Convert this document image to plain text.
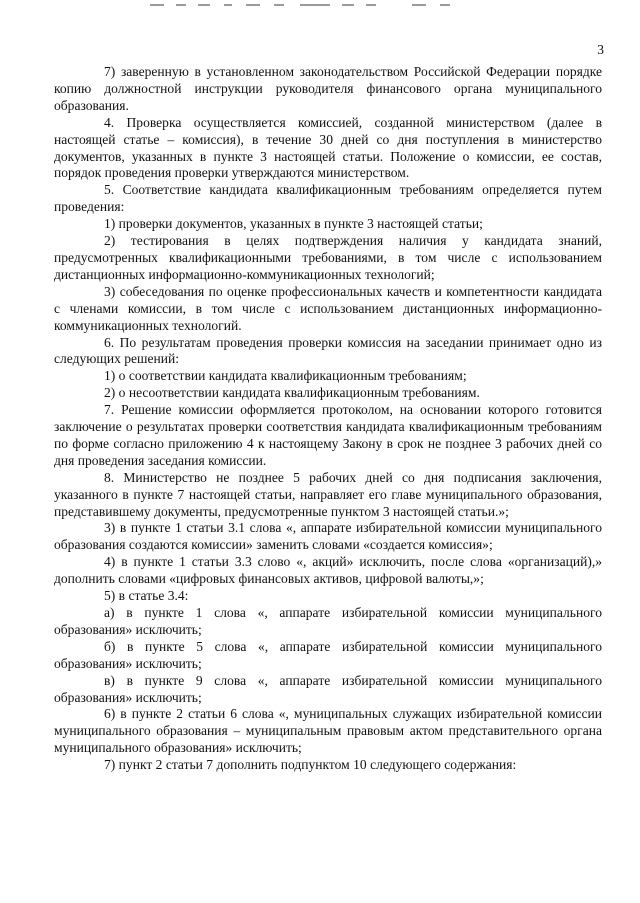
3

7) заверенную в установленном законодательством Российской Федерации порядке копию должностной инструкции руководителя финансового органа муниципального образования.

4. Проверка осуществляется комиссией, созданной министерством (далее в настоящей статье – комиссия), в течение 30 дней со дня поступления в министерство документов, указанных в пункте 3 настоящей статьи. Положение о комиссии, ее состав, порядок проведения проверки утверждаются министерством.

5. Соответствие кандидата квалификационным требованиям определяется путем проведения:

1) проверки документов, указанных в пункте 3 настоящей статьи;

2) тестирования в целях подтверждения наличия у кандидата знаний, предусмотренных квалификационными требованиями, в том числе с использованием дистанционных информационно-коммуникационных технологий;

3) собеседования по оценке профессиональных качеств и компетентности кандидата с членами комиссии, в том числе с использованием дистанционных информационно-коммуникационных технологий.

6. По результатам проведения проверки комиссия на заседании принимает одно из следующих решений:

1) о соответствии кандидата квалификационным требованиям;

2) о несоответствии кандидата квалификационным требованиям.

7. Решение комиссии оформляется протоколом, на основании которого готовится заключение о результатах проверки соответствия кандидата квалификационным требованиям по форме согласно приложению 4 к настоящему Закону в срок не позднее 3 рабочих дней со дня проведения заседания комиссии.

8. Министерство не позднее 5 рабочих дней со дня подписания заключения, указанного в пункте 7 настоящей статьи, направляет его главе муниципального образования, представившему документы, предусмотренные пунктом 3 настоящей статьи.»;

3) в пункте 1 статьи 3.1 слова «, аппарате избирательной комиссии муниципального образования создаются комиссии» заменить словами «создается комиссия»;

4) в пункте 1 статьи 3.3 слово «, акций» исключить, после слова «организаций),» дополнить словами «цифровых финансовых активов, цифровой валюты,»;

5) в статье 3.4:

а) в пункте 1 слова «, аппарате избирательной комиссии муниципального образования» исключить;

б) в пункте 5 слова «, аппарате избирательной комиссии муниципального образования» исключить;

в) в пункте 9 слова «, аппарате избирательной комиссии муниципального образования» исключить;

6) в пункте 2 статьи 6 слова «, муниципальных служащих избирательной комиссии муниципального образования – муниципальным правовым актом представительного органа муниципального образования» исключить;

7) пункт 2 статьи 7 дополнить подпунктом 10 следующего содержания:
